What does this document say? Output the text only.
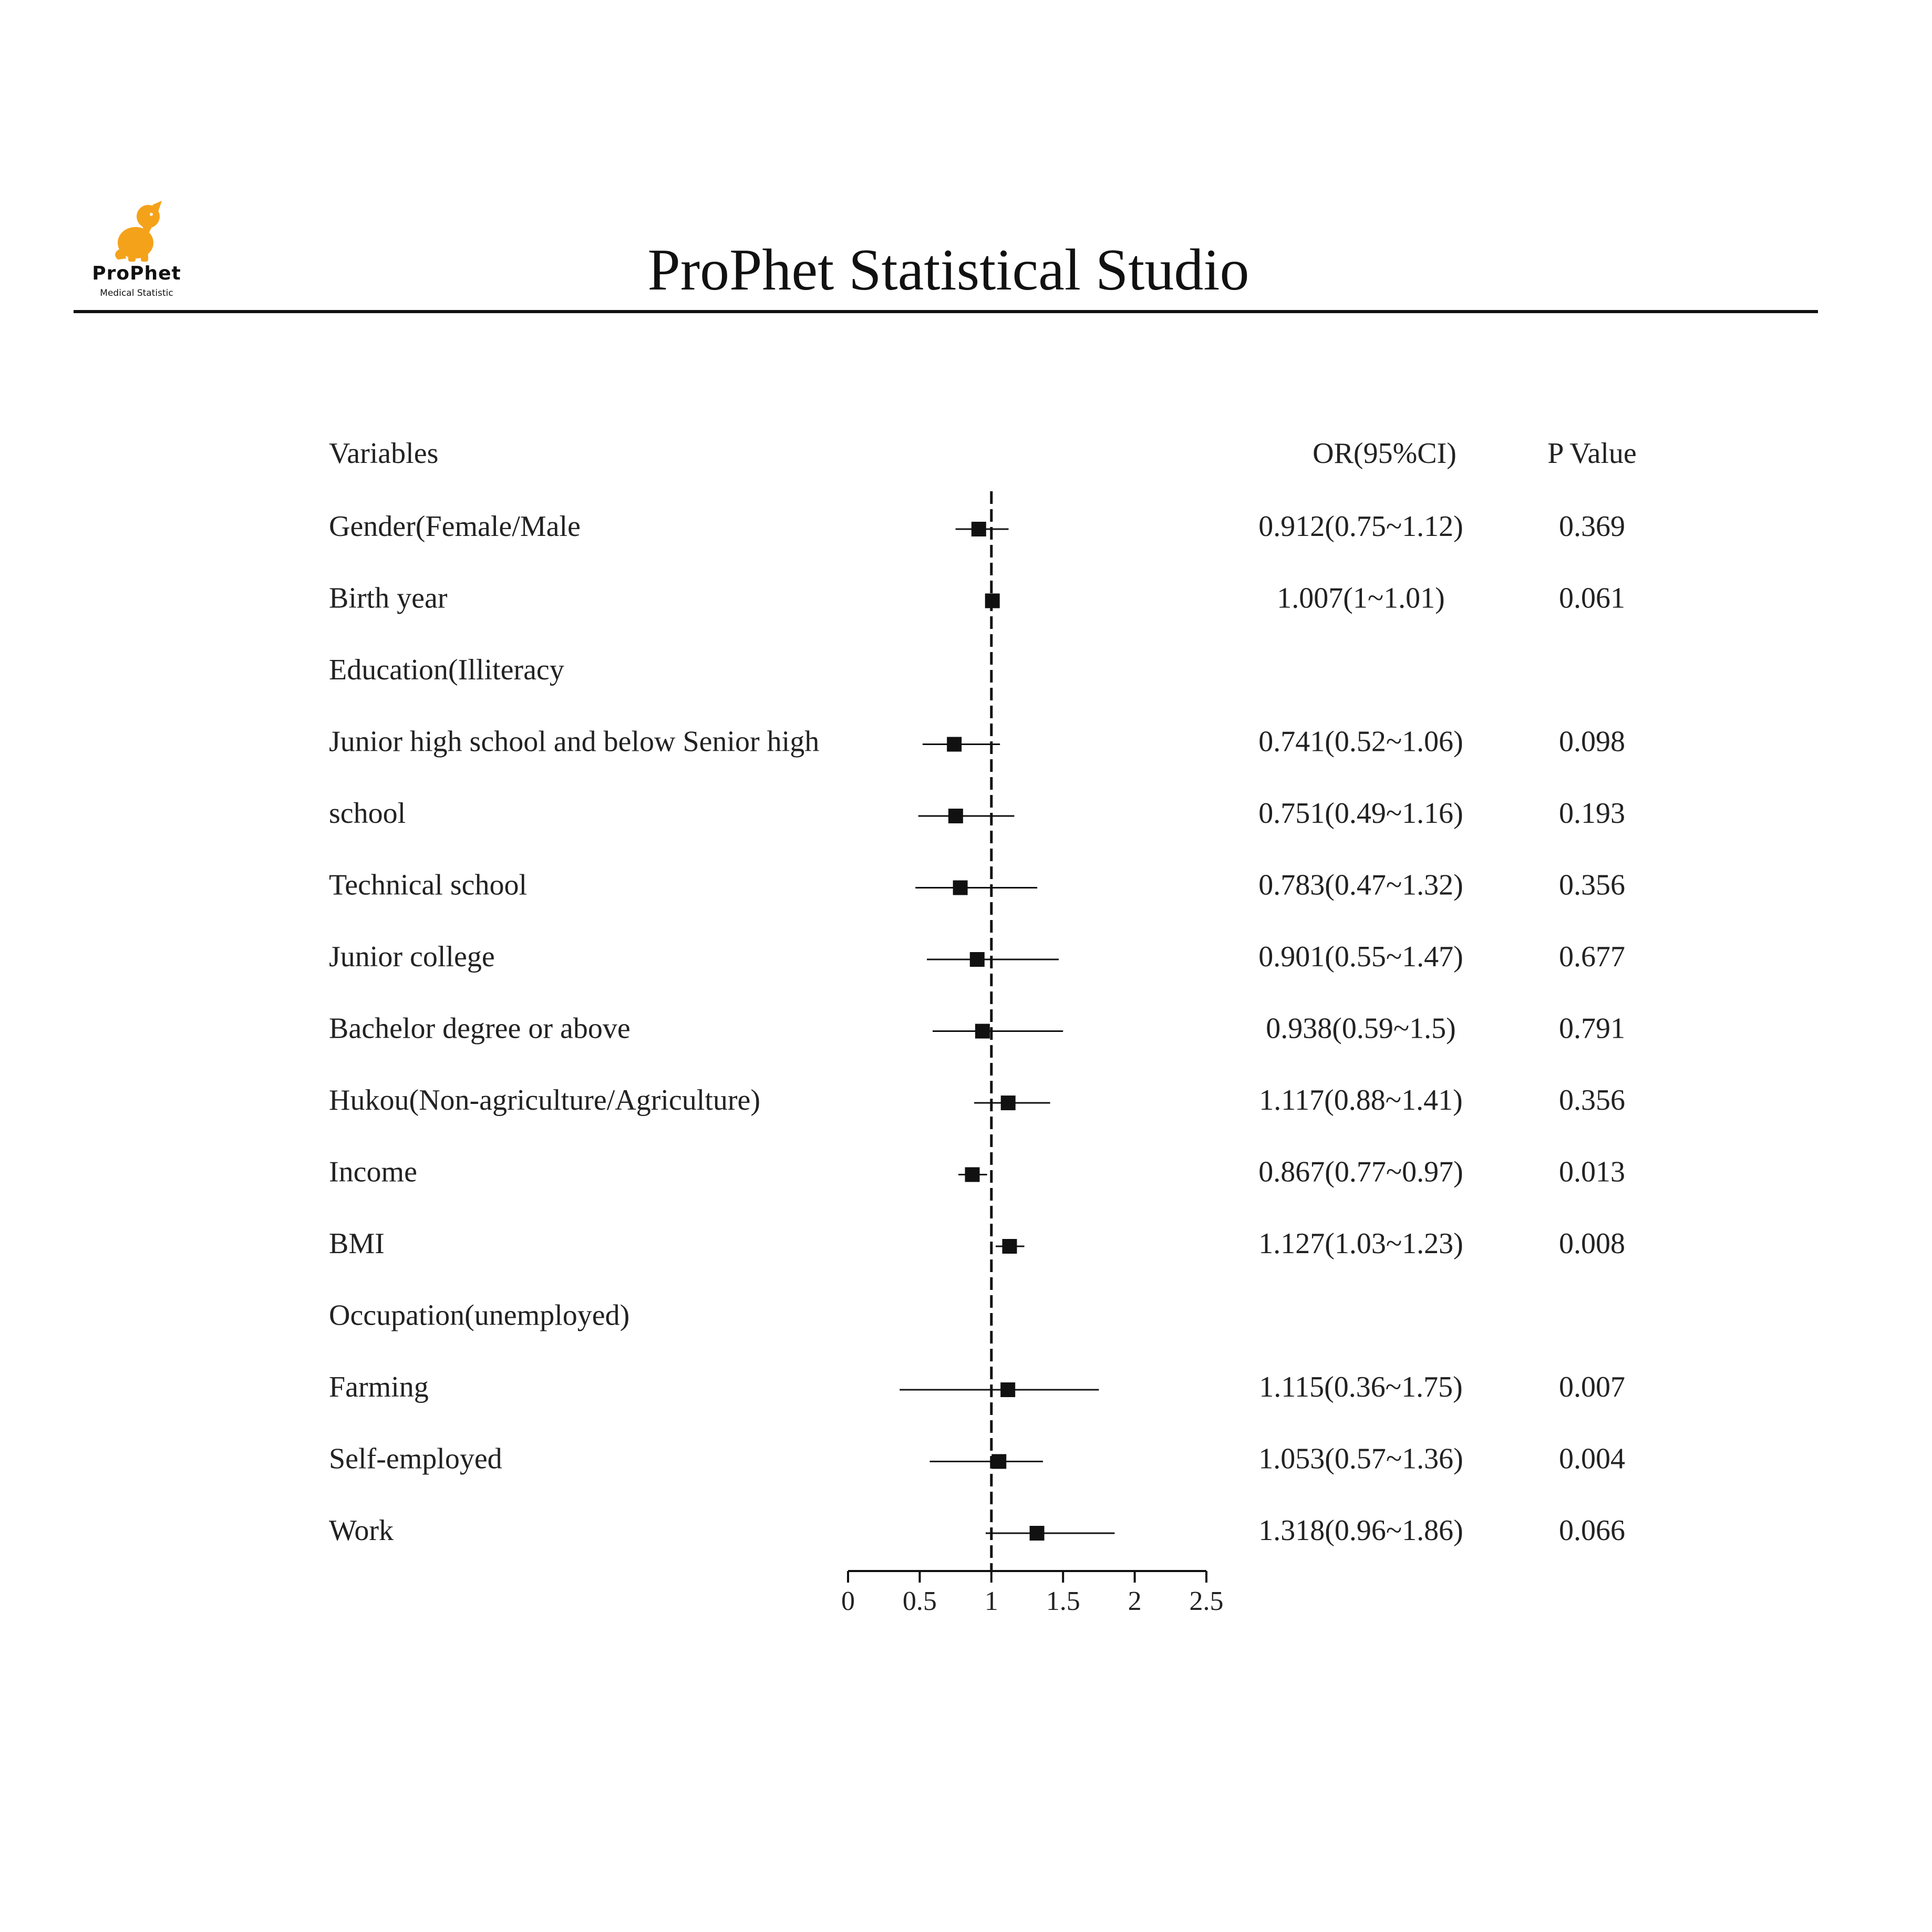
ProPhet
Medical Statistic	ProPhet Statistical Studio
Variables	OR(95%CI)	P Value
Gender(Female/Male	0.912(0.75~1.12)	0.369
Birth year	1.007(1~1.01)	0.061
Education(Illiteracy
Junior high school and below Senior high	0.741(0.52~1.06)	0.098
school	0.751(0.49~1.16)	0.193
Technical school	0.783(0.47~1.32)	0.356
Junior college	0.901(0.55~1.47)	0.677
Bachelor degree or above	0.938(0.59~1.5)	0.791
Hukou(Non-agriculture/Agriculture)	1.117(0.88~1.41)	0.356
Income	0.867(0.77~0.97)	0.013
BMI	1.127(1.03~1.23)	0.008
Occupation(unemployed)
Farming	1.115(0.36~1.75)	0.007
Self-employed	1.053(0.57~1.36)	0.004
Work	1.318(0.96~1.86)	0.066
0 0.5 1 1.5 2 2.5
